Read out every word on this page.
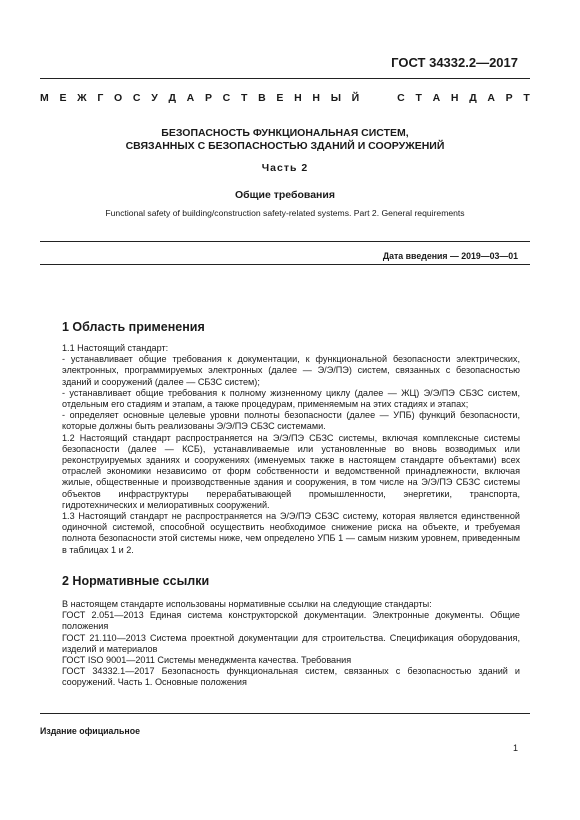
ГОСТ 34332.2—2017
М Е Ж Г О С У Д А Р С Т В Е Н Н Ы Й

	С Т А Н Д А Р Т
БЕЗОПАСНОСТЬ ФУНКЦИОНАЛЬНАЯ СИСТЕМ,
СВЯЗАННЫХ С БЕЗОПАСНОСТЬЮ ЗДАНИЙ И СООРУЖЕНИЙ
Часть 2
Общие требования
Functional safety of building/construction safety-related systems. Part 2. General requirements
Дата введения — 2019—03—01
1 Область применения

1.1 Настоящий стандарт:

- устанавливает общие требования к документации, к функциональной безопасности электрических, электронных, программируемых электронных (далее — Э/Э/ПЭ) систем, связанных с безопасностью зданий и сооружений (далее — СБЗС систем);

- устанавливает общие требования к полному жизненному циклу (далее — ЖЦ) Э/Э/ПЭ СБЗС систем, отдельным его стадиям и этапам, а также процедурам, применяемым на этих стадиях и этапах;

- определяет основные целевые уровни полноты безопасности (далее — УПБ) функций безопасности, которые должны быть реализованы Э/Э/ПЭ СБЗС системами.

1.2 Настоящий стандарт распространяется на Э/Э/ПЭ СБЗС системы, включая комплексные системы безопасности (далее — КСБ), устанавливаемые или установленные во вновь возводимых или реконструируемых зданиях и сооружениях (именуемых также в настоящем стандарте объектами) всех отраслей экономики независимо от форм собственности и ведомственной принадлежности, включая жилые, общественные и производственные здания и сооружения, в том числе на Э/Э/ПЭ СБЗС системы объектов инфраструктуры перерабатывающей промышленности, энергетики, транспорта, гидротехнических и мелиоративных сооружений.

1.3 Настоящий стандарт не распространяется на Э/Э/ПЭ СБЗС систему, которая является единственной одиночной системой, способной осуществить необходимое снижение риска на объекте, и требуемая полнота безопасности этой системы ниже, чем определено УПБ 1 — самым низким уровнем, приведенным в таблицах 1 и 2.

2 Нормативные ссылки

В настоящем стандарте использованы нормативные ссылки на следующие стандарты:

ГОСТ 2.051—2013 Единая система конструкторской документации. Электронные документы. Общие положения

ГОСТ 21.110—2013 Система проектной документации для строительства. Спецификация оборудования, изделий и материалов

ГОСТ ISO 9001—2011 Системы менеджмента качества. Требования

ГОСТ 34332.1—2017 Безопасность функциональная систем, связанных с безопасностью зданий и сооружений. Часть 1. Основные положения

Издание официальное
1
